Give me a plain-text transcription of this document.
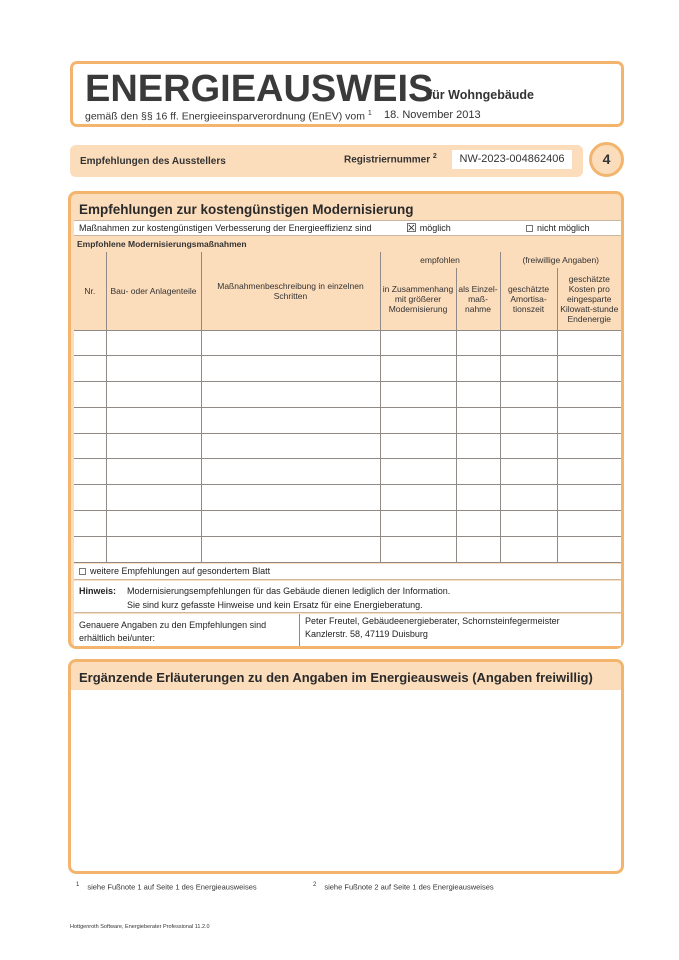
ENERGIEAUSWEIS
für Wohngebäude
gemäß den §§ 16 ff. Energieeinsparverordnung (EnEV) vom $^1$ 18. November 2013
Empfehlungen des Ausstellers	Registriernummer $^2$	NW-2023-004862406	4
Empfehlungen zur kostengünstigen Modernisierung
Maßnahmen zur kostengünstigen Verbesserung der Energieeffizienz sind	☒ möglich	nicht möglich
Empfohlene Modernisierungsmaßnahmen
Nr.	Bau- oder Anlagenteile	Maßnahmenbeschreibung in einzelnen Schritten	empfohlen		(freiwillige Angaben)	
			in Zusammenhang mit größerer Modernisierung	als Einzel-maß-nahme	geschätzte Amortisa-tionszeit	geschätzte Kosten pro eingesparte Kilowatt-stunde Endenergie

weitere Empfehlungen auf gesondertem Blatt
Hinweis: Modernisierungsempfehlungen für das Gebäude dienen lediglich der Information.
Sie sind kurz gefasste Hinweise und kein Ersatz für eine Energieberatung.
Genauere Angaben zu den Empfehlungen sind erhältlich bei/unter:
Peter Freutel, Gebäudeenergieberater, Schornsteinfegermeister
Kanzlerstr. 58, 47119 Duisburg
Ergänzende Erläuterungen zu den Angaben im Energieausweis (Angaben freiwillig)
$^1$ siehe Fußnote 1 auf Seite 1 des Energieausweises	$^2$ siehe Fußnote 2 auf Seite 1 des Energieausweises
Hottgenroth Software, Energieberater Professional 11.2.0
